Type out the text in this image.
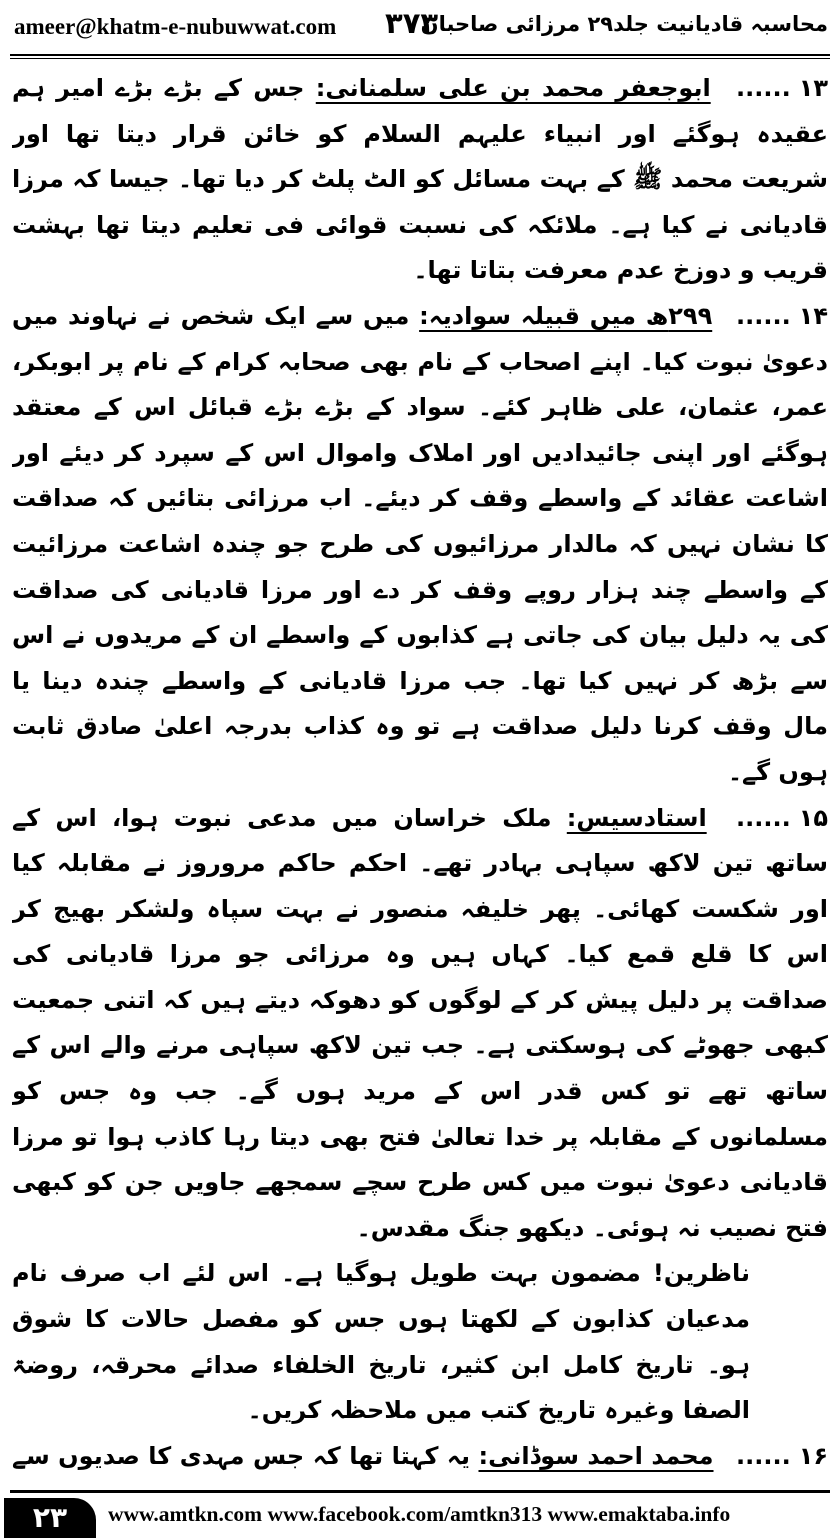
ameer@khatm-e-nubuwwat.com ۳۷۳
محاسبہ قادیانیت جلد۲۹ مرزائی صاحبان

۱۳...... ابوجعفر محمد بن علی سلمنانی: جس کے بڑے بڑے امیر ہم عقیدہ ہوگئے اور انبیاء علیہم السلام کو خائن قرار دیتا تھا اور شریعت محمد ﷺ کے بہت مسائل کو الٹ پلٹ کر دیا تھا۔ جیسا کہ مرزا قادیانی نے کیا ہے۔ ملائکہ کی نسبت قوائی فی تعلیم دیتا تھا بہشت قریب و دوزخ عدم معرفت بتاتا تھا۔

۱۴...... ۲۹۹ھ میں قبیلہ سوادیہ: میں سے ایک شخص نے نہاوند میں دعویٰ نبوت کیا۔ اپنے اصحاب کے نام بھی صحابہ کرام کے نام پر ابوبکر، عمر، عثمان، علی ظاہر کئے۔ سواد کے بڑے بڑے قبائل اس کے معتقد ہوگئے اور اپنی جائیدادیں اور املاک واموال اس کے سپرد کر دیئے اور اشاعت عقائد کے واسطے وقف کر دیئے۔ اب مرزائی بتائیں کہ صداقت کا نشان نہیں کہ مالدار مرزائیوں کی طرح جو چندہ اشاعت مرزائیت کے واسطے چند ہزار روپے وقف کر دے اور مرزا قادیانی کی صداقت کی یہ دلیل بیان کی جاتی ہے کذابوں کے واسطے ان کے مریدوں نے اس سے بڑھ کر نہیں کیا تھا۔ جب مرزا قادیانی کے واسطے چندہ دینا یا مال وقف کرنا دلیل صداقت ہے تو وہ کذاب بدرجہ اعلیٰ صادق ثابت ہوں گے۔

۱۵...... استادسیس: ملک خراسان میں مدعی نبوت ہوا، اس کے ساتھ تین لاکھ سپاہی بہادر تھے۔ احکم حاکم مروروز نے مقابلہ کیا اور شکست کھائی۔ پھر خلیفہ منصور نے بہت سپاہ ولشکر بھیج کر اس کا قلع قمع کیا۔ کہاں ہیں وہ مرزائی جو مرزا قادیانی کی صداقت پر دلیل پیش کر کے لوگوں کو دھوکہ دیتے ہیں کہ اتنی جمعیت کبھی جھوٹے کی ہوسکتی ہے۔ جب تین لاکھ سپاہی مرنے والے اس کے ساتھ تھے تو کس قدر اس کے مرید ہوں گے۔ جب وہ جس کو مسلمانوں کے مقابلہ پر خدا تعالیٰ فتح بھی دیتا رہا کاذب ہوا تو مرزا قادیانی دعویٰ نبوت میں کس طرح سچے سمجھے جاویں جن کو کبھی فتح نصیب نہ ہوئی۔ دیکھو جنگ مقدس۔

ناظرین! مضمون بہت طویل ہوگیا ہے۔ اس لئے اب صرف نام مدعیان کذابون کے لکھتا ہوں جس کو مفصل حالات کا شوق ہو۔ تاریخ کامل ابن کثیر، تاریخ الخلفاء صدائے محرقہ، روضۃ الصفا وغیرہ تاریخ کتب میں ملاحظہ کریں۔

۱۶...... محمد احمد سوڈانی: یہ کہتا تھا کہ جس مہدی کا صدیوں سے

۲۳	www.amtkn.com www.facebook.com/amtkn313 www.emaktaba.info
